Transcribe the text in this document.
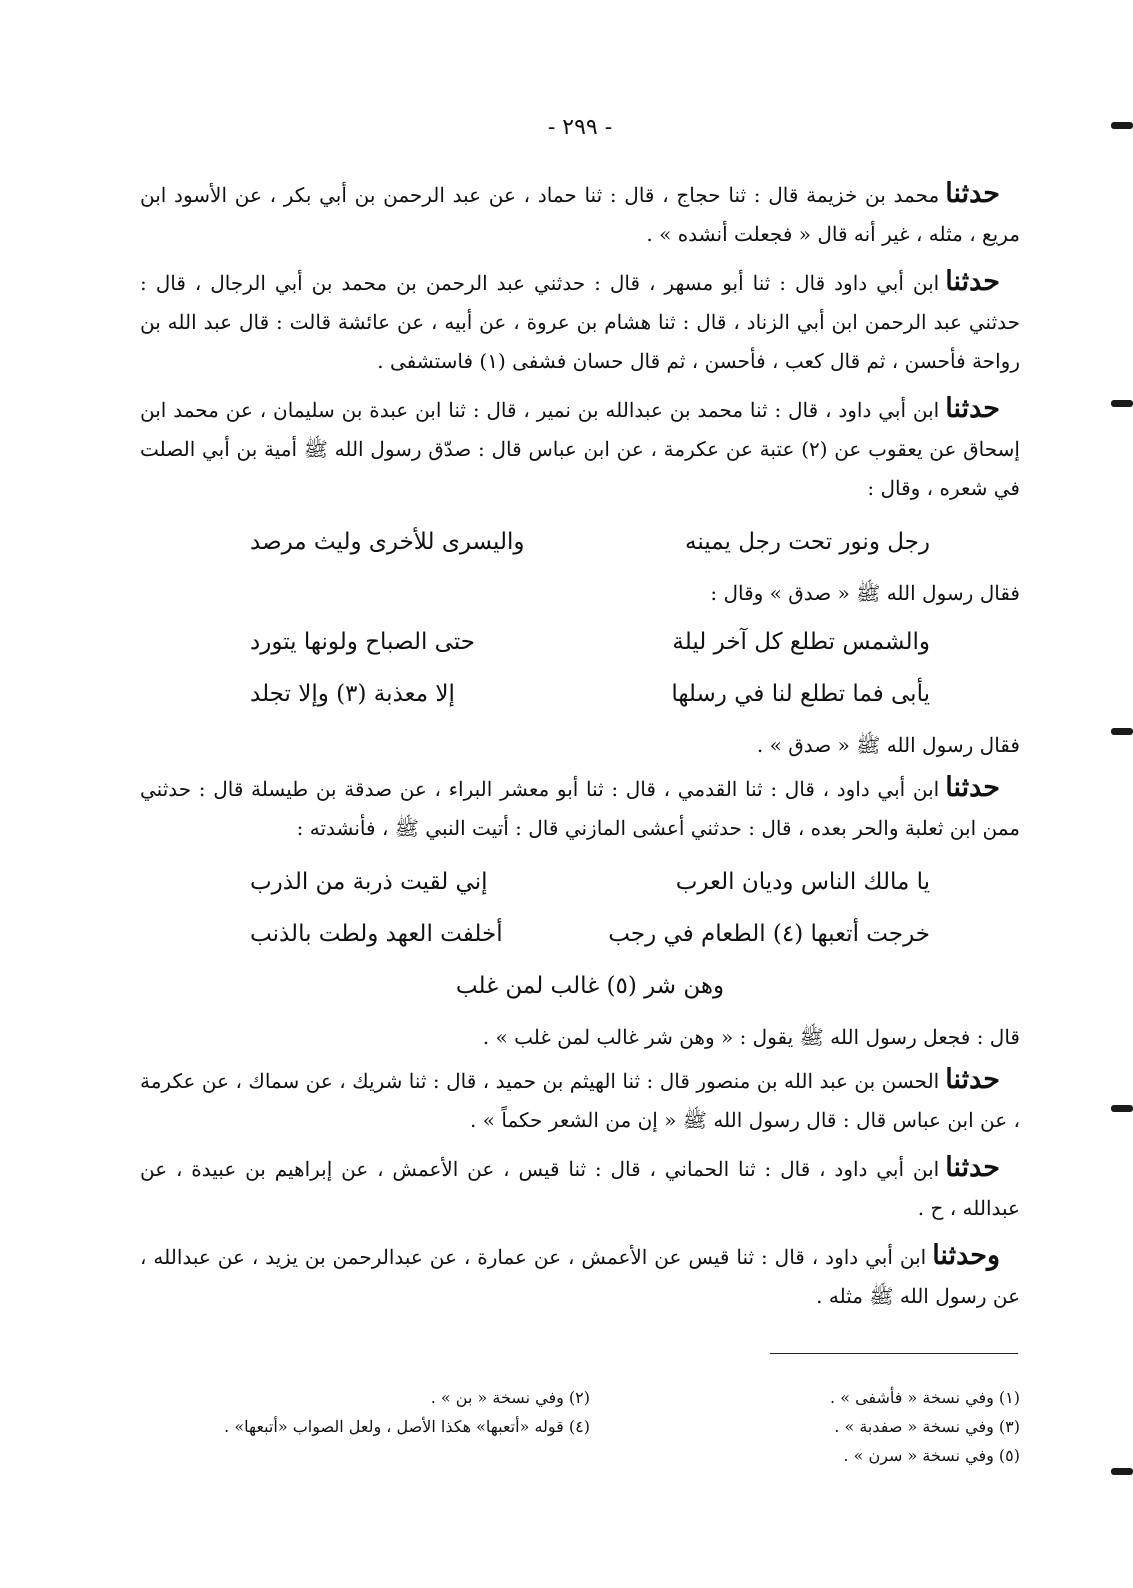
- ٢٩٩ -

حدثنامحمد بن خزيمة قال : ثنا حجاج ، قال : ثنا حماد ، عن عبد الرحمن بن أبي بكر ، عن الأسود ابن مريع ، مثله ، غير أنه قال « فجعلت أنشده » .

حدثناابن أبي داود قال : ثنا أبو مسهر ، قال : حدثني عبد الرحمن بن محمد بن أبي الرجال ، قال : حدثني عبد الرحمن ابن أبي الزناد ، قال : ثنا هشام بن عروة ، عن أبيه ، عن عائشة قالت : قال عبد الله بن رواحة فأحسن ، ثم قال كعب ، فأحسن ، ثم قال حسان فشفى (١) فاستشفى .

حدثناابن أبي داود ، قال : ثنا محمد بن عبدالله بن نمير ، قال : ثنا ابن عبدة بن سليمان ، عن محمد ابن إسحاق عن يعقوب عن (٢) عتبة عن عكرمة ، عن ابن عباس قال : صدّق رسول الله ﷺ أمية بن أبي الصلت في شعره ، وقال :

رجل ونور تحت رجل يمينه
واليسرى للأخرى وليث مرصد
فقال رسول الله ﷺ « صدق » وقال :
والشمس تطلع كل آخر ليلة
حتى الصباح ولونها يتورد
يأبى فما تطلع لنا في رسلها
إلا معذبة (٣) وإلا تجلد
فقال رسول الله ﷺ « صدق » .

حدثناابن أبي داود ، قال : ثنا القدمي ، قال : ثنا أبو معشر البراء ، عن صدقة بن طيسلة قال : حدثني ممن ابن ثعلبة والحر بعده ، قال : حدثني أعشى المازني قال : أتيت النبي ﷺ ، فأنشدته :

يا مالك الناس وديان العرب
إني لقيت ذربة من الذرب
خرجت أتعبها (٤) الطعام في رجب
أخلفت العهد ولطت بالذنب
وهن شر (٥) غالب لمن غلب
قال : فجعل رسول الله ﷺ يقول : « وهن شر غالب لمن غلب » .

حدثناالحسن بن عبد الله بن منصور قال : ثنا الهيثم بن حميد ، قال : ثنا شريك ، عن سماك ، عن عكرمة ، عن ابن عباس قال : قال رسول الله ﷺ « إن من الشعر حكماً » .

حدثناابن أبي داود ، قال : ثنا الحماني ، قال : ثنا قيس ، عن الأعمش ، عن إبراهيم بن عبيدة ، عن عبدالله ، ح .

وحدثناابن أبي داود ، قال : ثنا قيس عن الأعمش ، عن عمارة ، عن عبدالرحمن بن يزيد ، عن عبدالله ، عن رسول الله ﷺ مثله .

(١) وفي نسخة « فأشفى » .
(٢) وفي نسخة « بن » .
(٣) وفي نسخة « صفدبة » .
(٤) قوله «أتعبها» هكذا الأصل ، ولعل الصواب «أتبعها» .
(٥) وفي نسخة « سرن » .
